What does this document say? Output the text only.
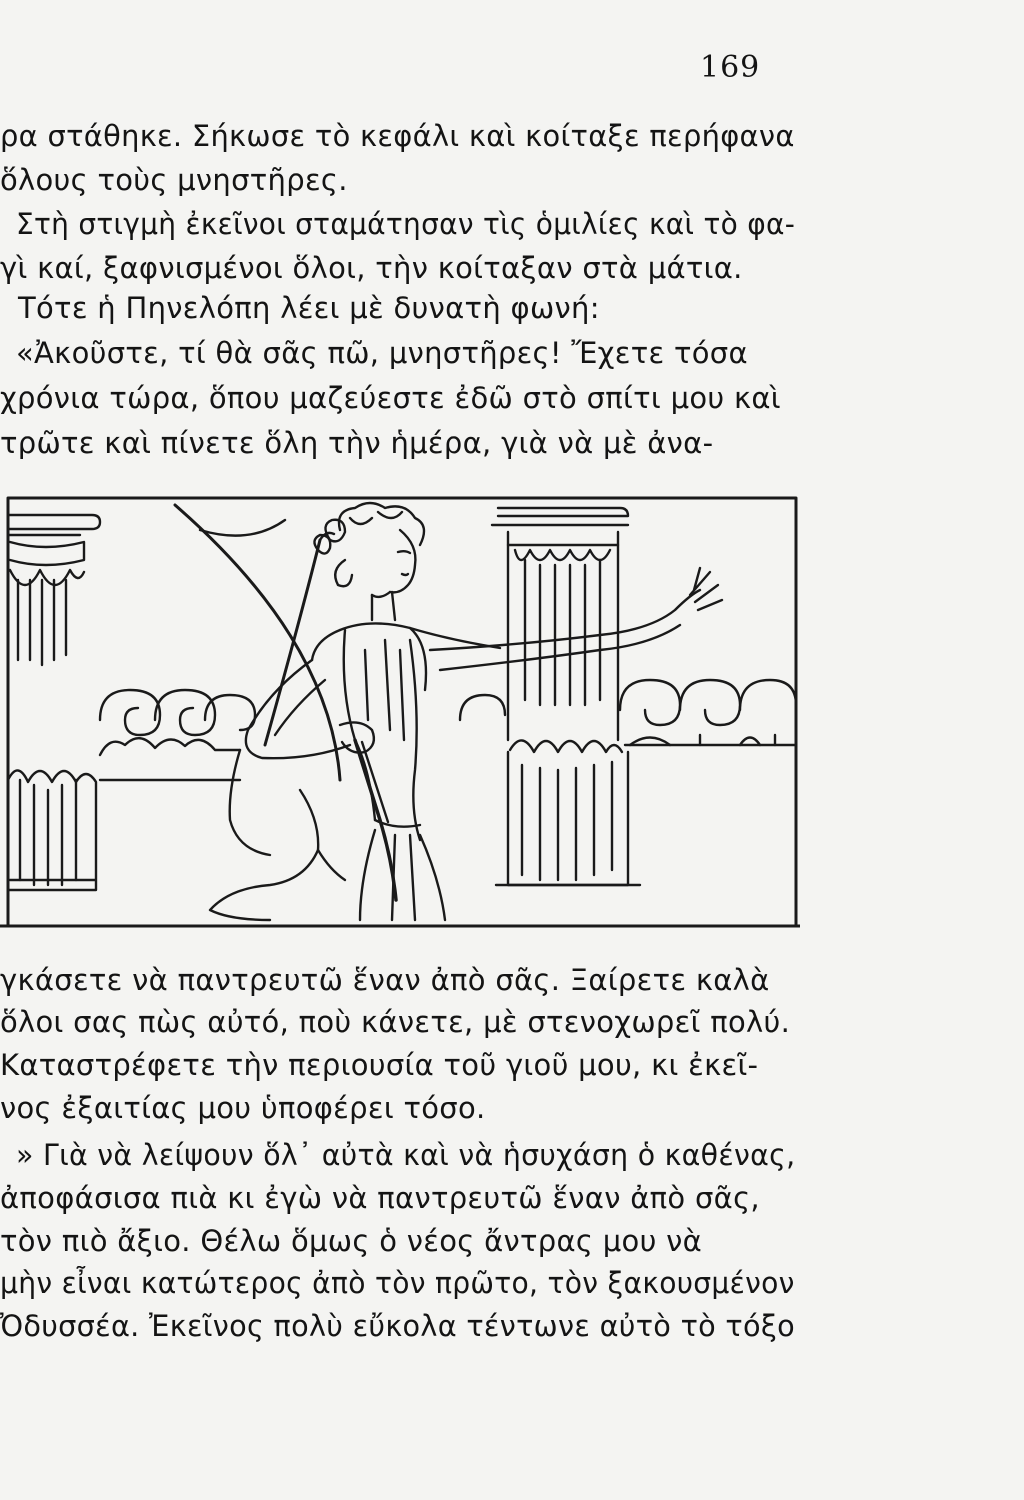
169
ρα στάθηκε. Σήκωσε τὸ κεφάλι καὶ κοίταξε περήφανα
ὅλους τοὺς μνηστῆρες.
Στὴ στιγμὴ ἐκεῖνοι σταμάτησαν τὶς ὁμιλίες καὶ τὸ φα-
γὶ καί, ξαφνισμένοι ὅλοι, τὴν κοίταξαν στὰ μάτια.
Τότε ἡ Πηνελόπη λέει μὲ δυνατὴ φωνή:
«Ἀκοῦστε, τί θὰ σᾶς πῶ, μνηστῆρες! Ἔχετε τόσα
χρόνια τώρα, ὅπου μαζεύεστε ἐδῶ στὸ σπίτι μου καὶ
τρῶτε καὶ πίνετε ὅλη τὴν ἡμέρα, γιὰ νὰ μὲ ἀνα-
γκάσετε νὰ παντρευτῶ ἕναν ἀπὸ σᾶς. Ξαίρετε καλὰ
ὅλοι σας πὼς αὐτό, ποὺ κάνετε, μὲ στενοχωρεῖ πολύ.
Καταστρέφετε τὴν περιουσία τοῦ γιοῦ μου, κι ἐκεῖ-
νος ἐξαιτίας μου ὑποφέρει τόσο.
» Γιὰ νὰ λείψουν ὅλ᾽ αὐτὰ καὶ νὰ ἡσυχάση ὁ καθένας,
ἀποφάσισα πιὰ κι ἐγὼ νὰ παντρευτῶ ἕναν ἀπὸ σᾶς,
τὸν πιὸ ἄξιο. Θέλω ὅμως ὁ νέος ἄντρας μου νὰ
μὴν εἶναι κατώτερος ἀπὸ τὸν πρῶτο, τὸν ξακουσμένον
Ὀδυσσέα. Ἐκεῖνος πολὺ εὔκολα τέντωνε αὐτὸ τὸ τόξο
